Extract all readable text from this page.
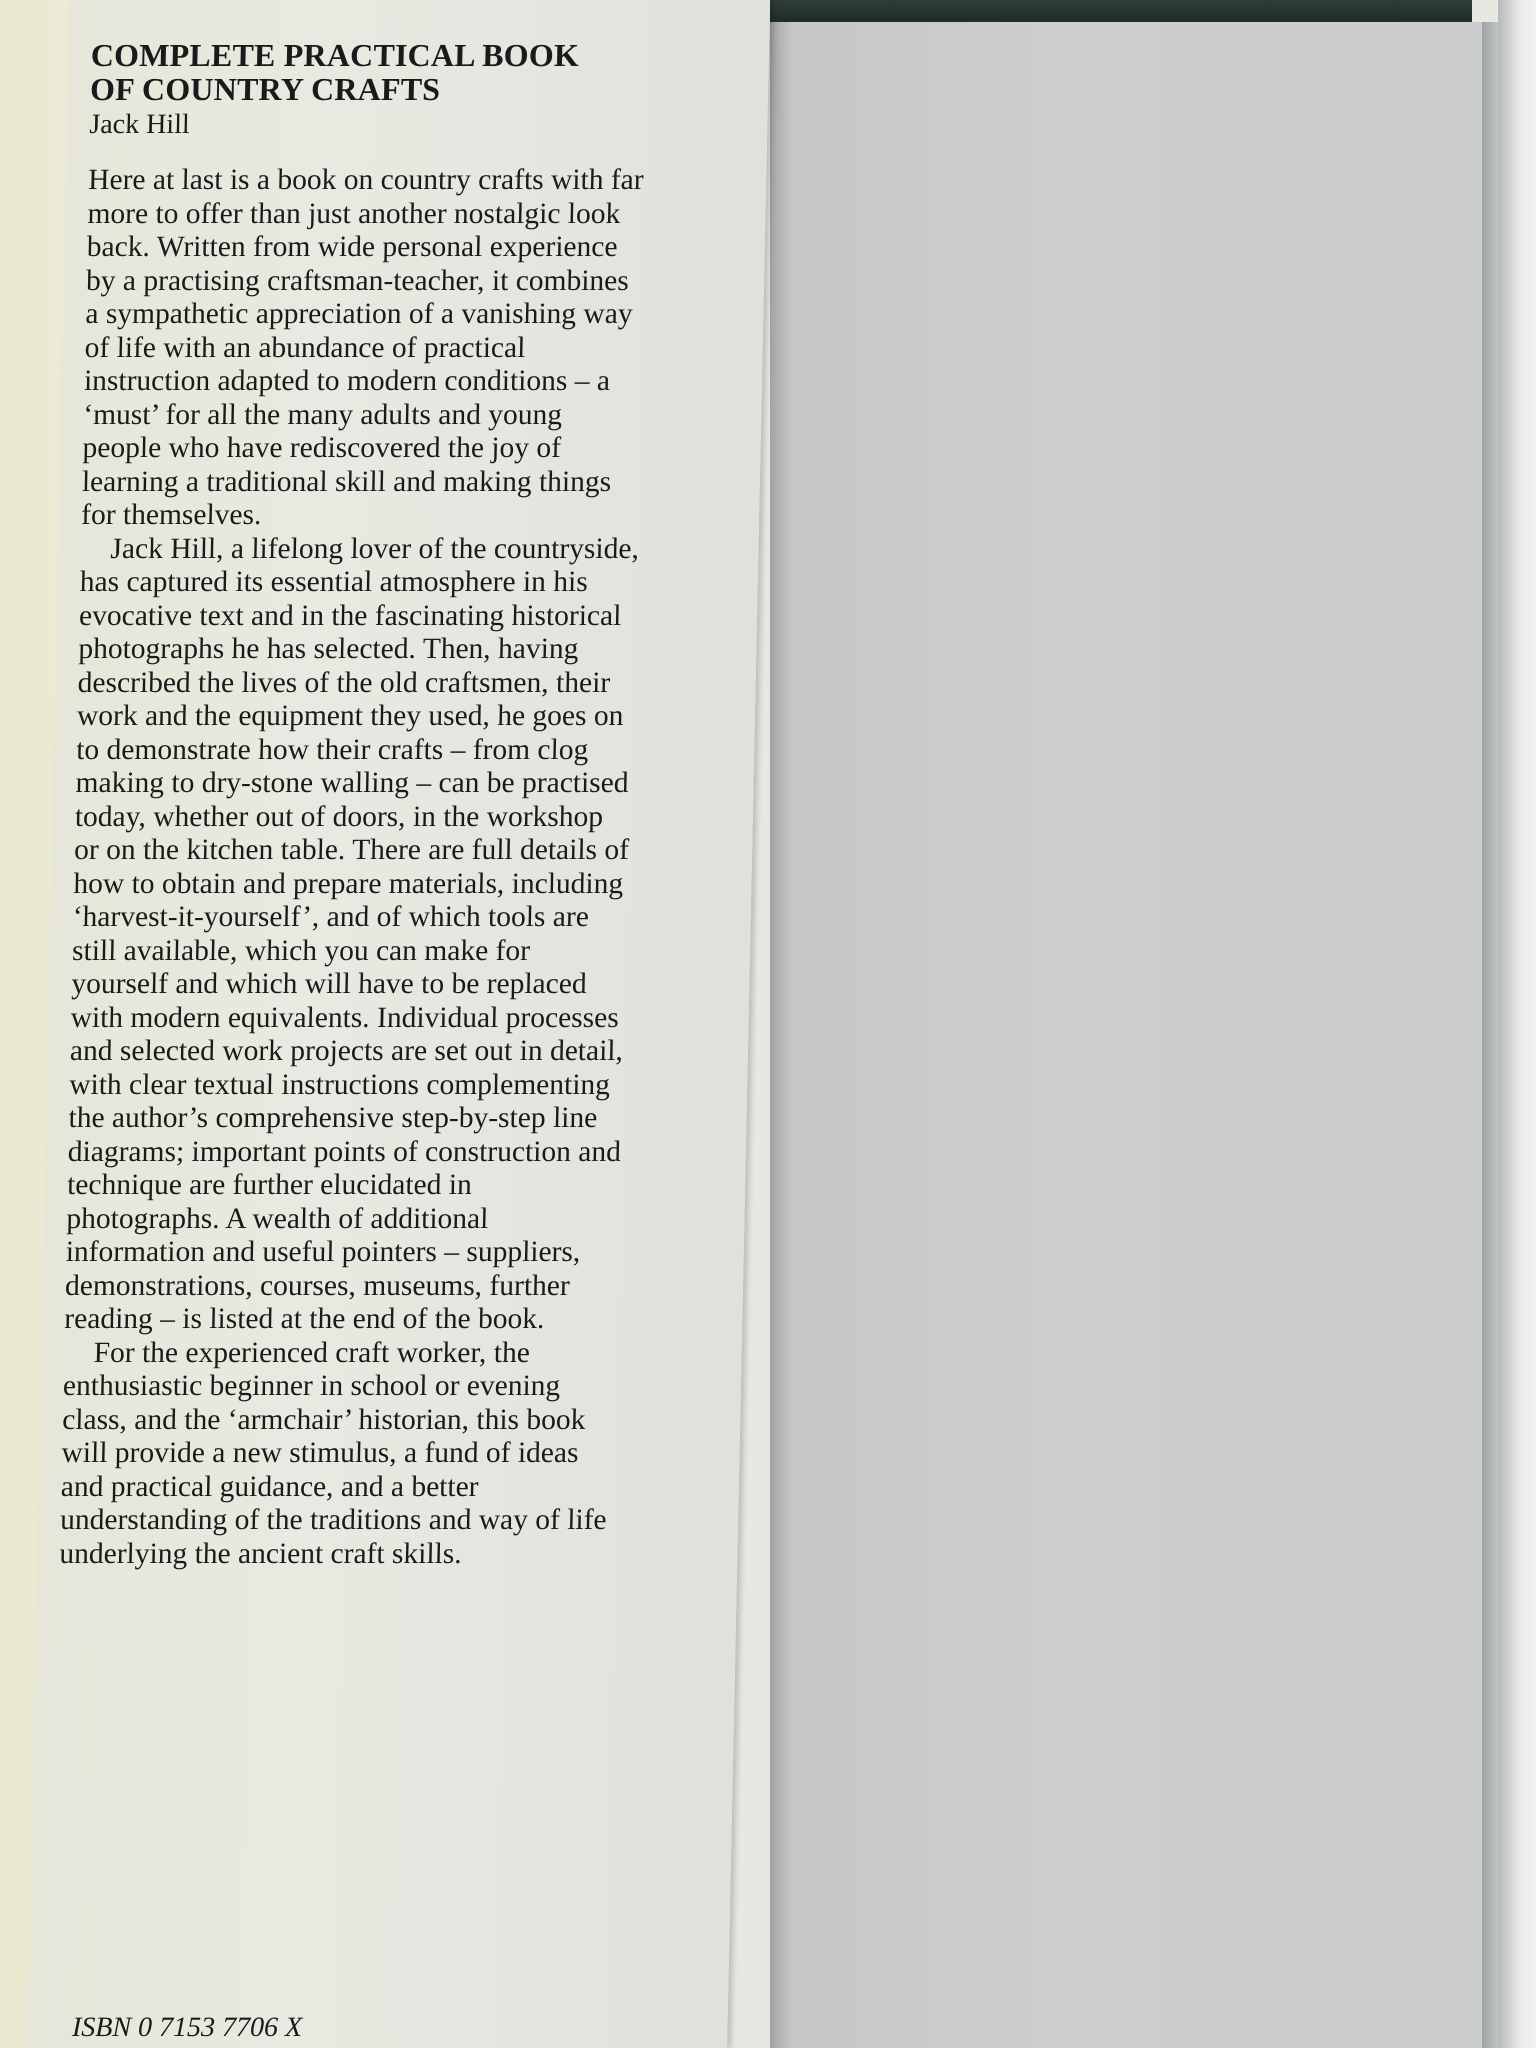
COMPLETE PRACTICAL BOOK
OF COUNTRY CRAFTS
Jack Hill

Here at last is a book on country crafts with far more to offer than just another nostalgic look back. Written from wide personal experience by a practising craftsman-teacher, it combines a sympathetic appreciation of a vanishing way of life with an abundance of practical instruction adapted to modern conditions – a ‘must’ for all the many adults and young people who have rediscovered the joy of learning a traditional skill and making things for themselves.

Jack Hill, a lifelong lover of the countryside, has captured its essential atmosphere in his evocative text and in the fascinating historical photographs he has selected. Then, having described the lives of the old craftsmen, their work and the equipment they used, he goes on to demonstrate how their crafts – from clog making to dry-stone walling – can be practised today, whether out of doors, in the workshop or on the kitchen table. There are full details of how to obtain and prepare materials, including ‘harvest-it-yourself’, and of which tools are still available, which you can make for yourself and which will have to be replaced with modern equivalents. Individual processes and selected work projects are set out in detail, with clear textual instructions complementing the author’s comprehensive step-by-step line diagrams; important points of construction and technique are further elucidated in photographs. A wealth of additional information and useful pointers – suppliers, demonstrations, courses, museums, further reading – is listed at the end of the book.

For the experienced craft worker, the enthusiastic beginner in school or evening class, and the ‘armchair’ historian, this book will provide a new stimulus, a fund of ideas and practical guidance, and a better understanding of the traditions and way of life underlying the ancient craft skills.

ISBN 0 7153 7706 X
